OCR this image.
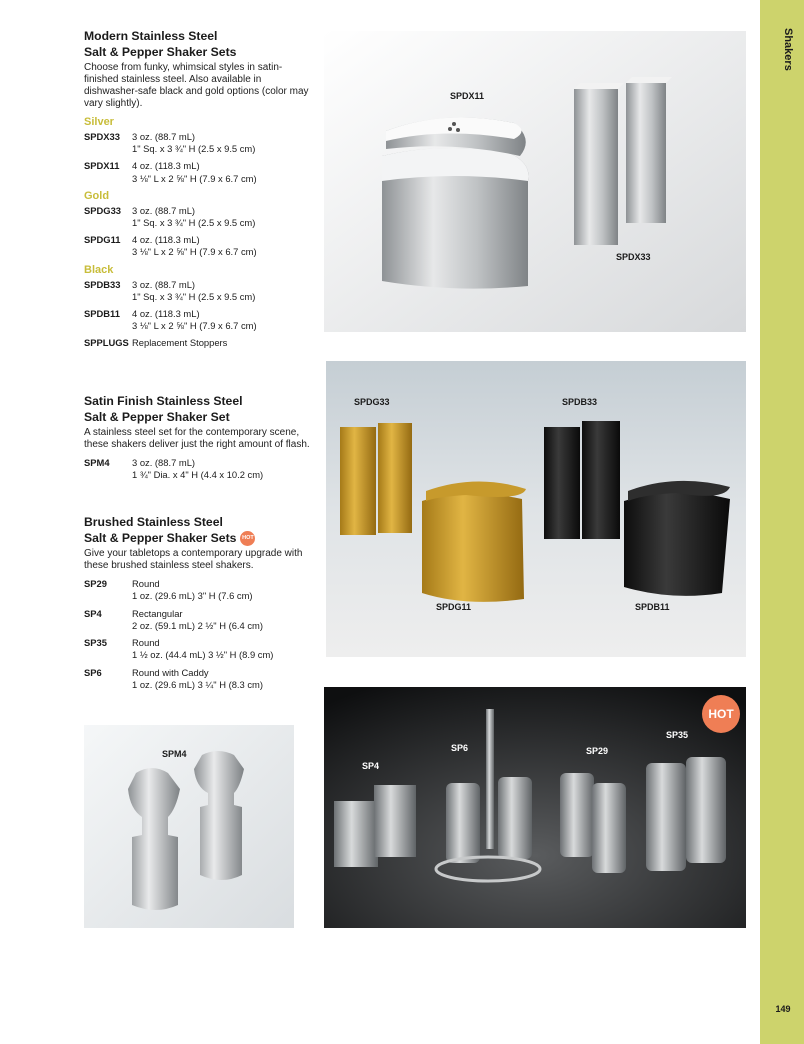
Shakers
149

Modern Stainless Steel

Salt & Pepper Shaker Sets

Choose from funky, whimsical styles in satin-finished stainless steel. Also available in dishwasher-safe black and gold options (color may vary slightly).

Silver
SPDX33	3 oz. (88.7 mL)
1" Sq. x 3 ¾" H (2.5 x 9.5 cm)
SPDX11	4 oz. (118.3 mL)
3 ⅛" L x 2 ⅝" H (7.9 x 6.7 cm)
Gold
SPDG33	3 oz. (88.7 mL)
1" Sq. x 3 ¾" H (2.5 x 9.5 cm)
SPDG11	4 oz. (118.3 mL)
3 ⅛" L x 2 ⅝" H (7.9 x 6.7 cm)
Black
SPDB33	3 oz. (88.7 mL)
1" Sq. x 3 ¾" H (2.5 x 9.5 cm)
SPDB11	4 oz. (118.3 mL)
3 ⅛" L x 2 ⅝" H (7.9 x 6.7 cm)
SPPLUGS Replacement Stoppers

Satin Finish Stainless Steel

Salt & Pepper Shaker Set

A stainless steel set for the contemporary scene, these shakers deliver just the right amount of flash.

SPM4	3 oz. (88.7 mL)
1 ¾" Dia. x 4" H (4.4 x 10.2 cm)

Brushed Stainless Steel

Salt & Pepper Shaker Sets HOT

Give your tabletops a contemporary upgrade with these brushed stainless steel shakers.

SP29	Round
1 oz. (29.6 mL) 3" H (7.6 cm)
SP4	Rectangular
2 oz. (59.1 mL) 2 ½" H (6.4 cm)
SP35	Round
1 ½ oz. (44.4 mL) 3 ½" H (8.9 cm)
SP6	Round with Caddy
1 oz. (29.6 mL) 3 ¼" H (8.3 cm)
SPDX11
SPDX33
SPDG33	SPDB33
SPDG11	SPDB11
SPM4
SP4
SP6	SP29
SP35
HOT
